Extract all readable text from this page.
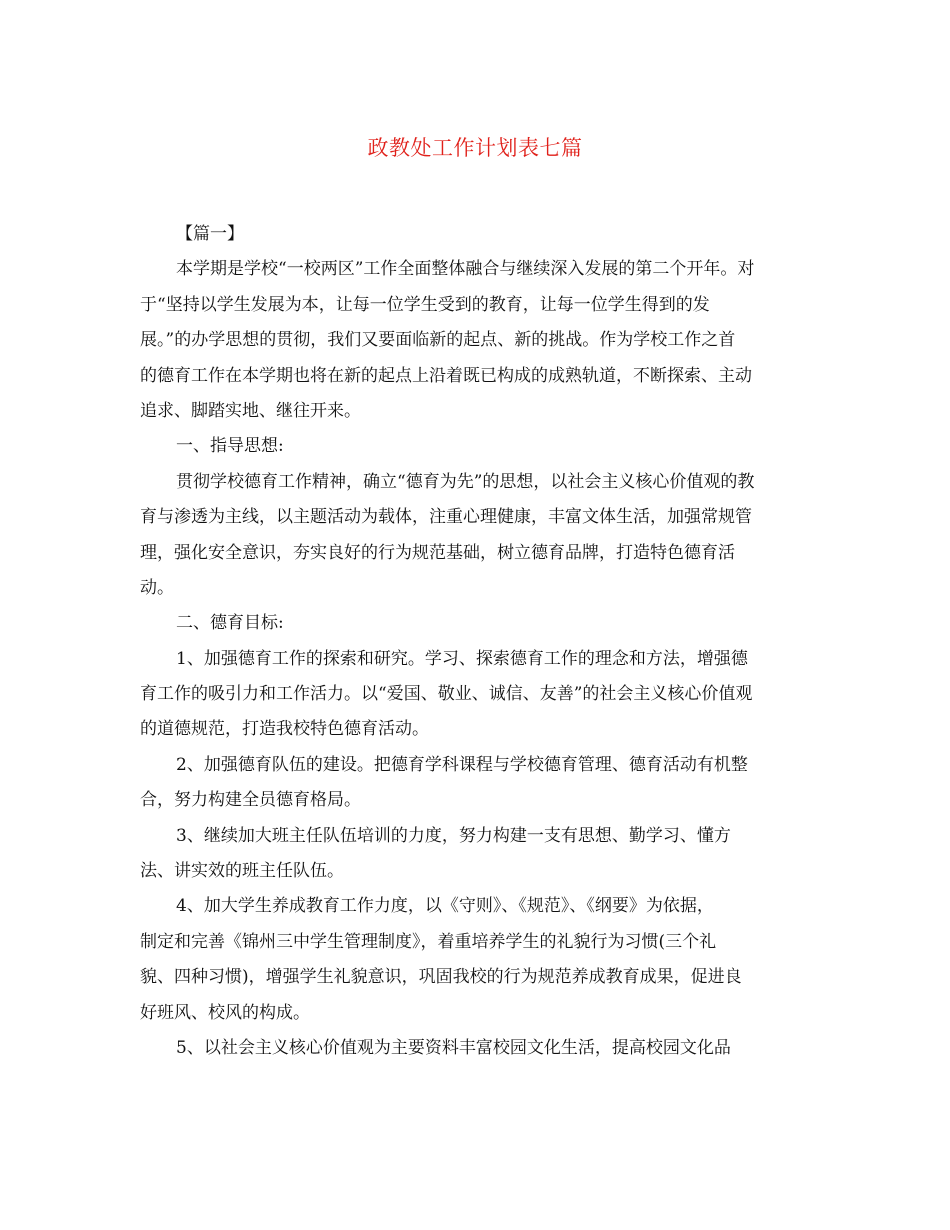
政教处工作计划表七篇
【篇一】
本学期是学校“一校两区”工作全面整体融合与继续深入发展的第二个开年。对
于“坚持以学生发展为本，让每一位学生受到的教育，让每一位学生得到的发
展。”的办学思想的贯彻，我们又要面临新的起点、新的挑战。作为学校工作之首
的德育工作在本学期也将在新的起点上沿着既已构成的成熟轨道，不断探索、主动
追求、脚踏实地、继往开来。
一、指导思想:
贯彻学校德育工作精神，确立“德育为先”的思想，以社会主义核心价值观的教
育与渗透为主线，以主题活动为载体，注重心理健康，丰富文体生活，加强常规管
理，强化安全意识，夯实良好的行为规范基础，树立德育品牌，打造特色德育活
动。
二、德育目标:
1、加强德育工作的探索和研究。学习、探索德育工作的理念和方法，增强德
育工作的吸引力和工作活力。以“爱国、敬业、诚信、友善”的社会主义核心价值观
的道德规范，打造我校特色德育活动。
2、加强德育队伍的建设。把德育学科课程与学校德育管理、德育活动有机整
合，努力构建全员德育格局。
3、继续加大班主任队伍培训的力度，努力构建一支有思想、勤学习、懂方
法、讲实效的班主任队伍。
4、加大学生养成教育工作力度，以《守则》、《规范》、《纲要》为依据，
制定和完善《锦州三中学生管理制度》，着重培养学生的礼貌行为习惯(三个礼
貌、四种习惯)，增强学生礼貌意识，巩固我校的行为规范养成教育成果，促进良
好班风、校风的构成。
5、以社会主义核心价值观为主要资料丰富校园文化生活，提高校园文化品
